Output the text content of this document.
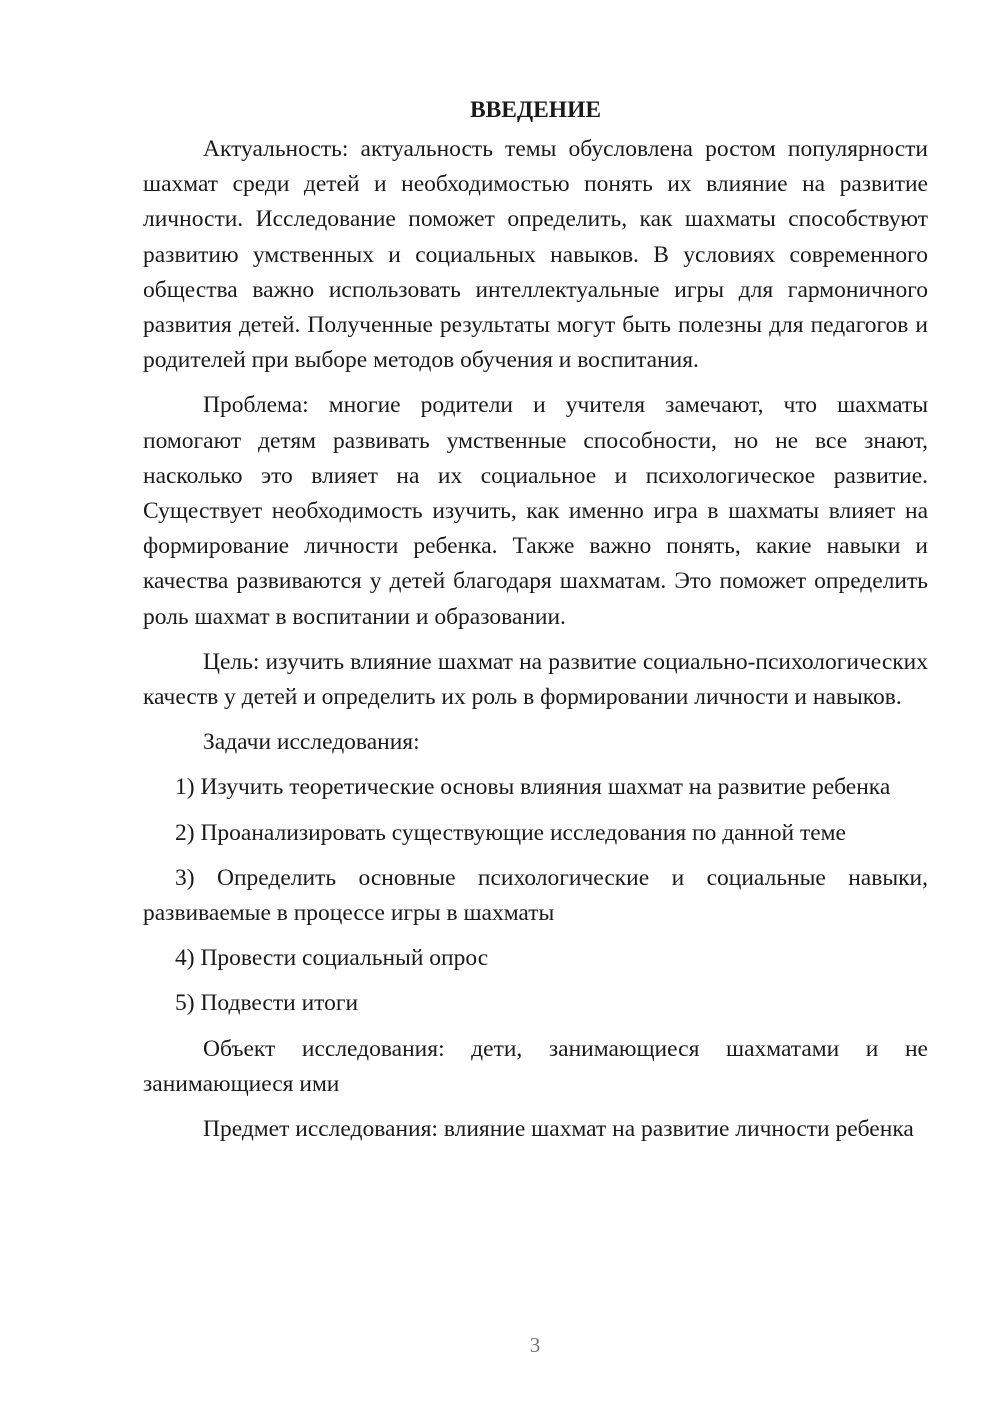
ВВЕДЕНИЕ

Актуальность: актуальность темы обусловлена ростом популярности шахмат среди детей и необходимостью понять их влияние на развитие личности. Исследование поможет определить, как шахматы способствуют развитию умственных и социальных навыков. В условиях современного общества важно использовать интеллектуальные игры для гармоничного развития детей. Полученные результаты могут быть полезны для педагогов и родителей при выборе методов обучения и воспитания.

Проблема: многие родители и учителя замечают, что шахматы помогают детям развивать умственные способности, но не все знают, насколько это влияет на их социальное и психологическое развитие. Существует необходимость изучить, как именно игра в шахматы влияет на формирование личности ребенка. Также важно понять, какие навыки и качества развиваются у детей благодаря шахматам. Это поможет определить роль шахмат в воспитании и образовании.

Цель: изучить влияние шахмат на развитие социально-психологических качеств у детей и определить их роль в формировании личности и навыков.

Задачи исследования:

1) Изучить теоретические основы влияния шахмат на развитие ребенка

2) Проанализировать существующие исследования по данной теме

3) Определить основные психологические и социальные навыки, развиваемые в процессе игры в шахматы

4) Провести социальный опрос

5) Подвести итоги

Объект исследования: дети, занимающиеся шахматами и не занимающиеся ими

Предмет исследования: влияние шахмат на развитие личности ребенка

3
